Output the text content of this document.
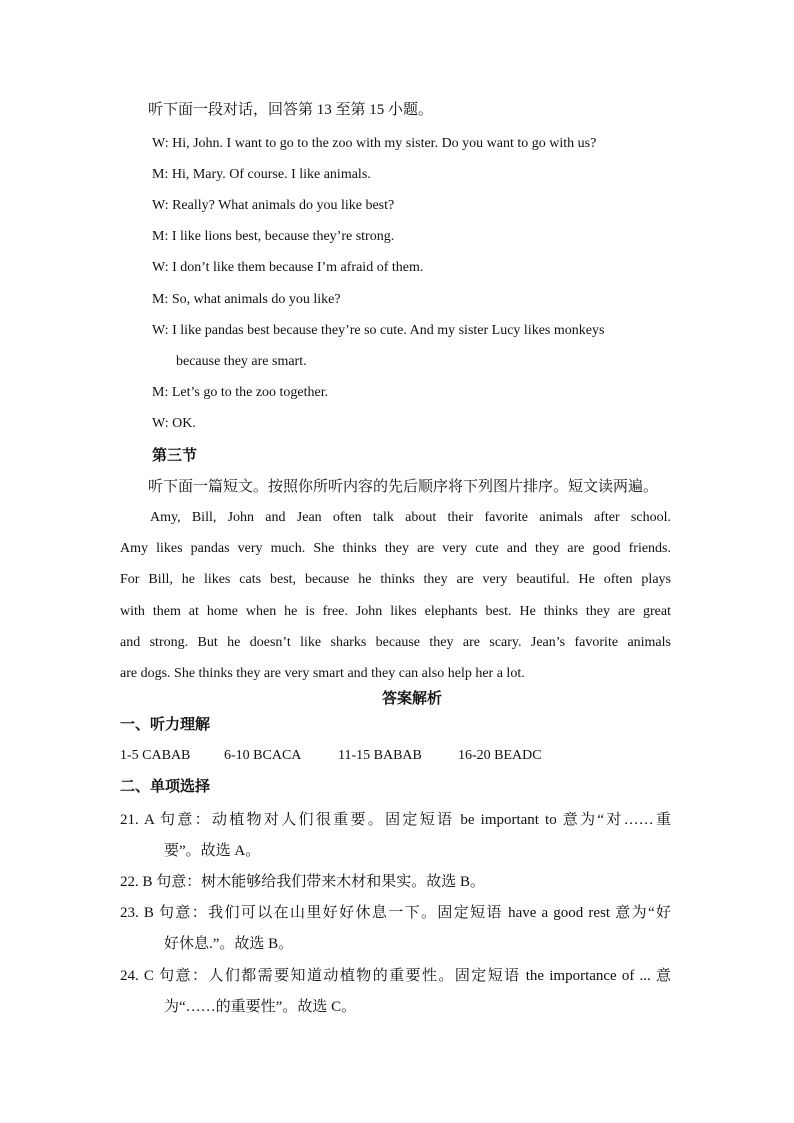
听下面一段对话，回答第 13 至第 15 小题。
W: Hi, John. I want to go to the zoo with my sister. Do you want to go with us?
M: Hi, Mary. Of course. I like animals.
W: Really? What animals do you like best?
M: I like lions best, because they’re strong.
W: I don’t like them because I’m afraid of them.
M: So, what animals do you like?
W: I like pandas best because they’re so cute. And my sister Lucy likes monkeys
because they are smart.
M: Let’s go to the zoo together.
W: OK.
第三节
听下面一篇短文。按照你所听内容的先后顺序将下列图片排序。短文读两遍。
Amy, Bill, John and Jean often talk about their favorite animals after school.
Amy likes pandas very much. She thinks they are very cute and they are good friends.
For Bill, he likes cats best, because he thinks they are very beautiful. He often plays
with them at home when he is free. John likes elephants best. He thinks they are great
and strong. But he doesn’t like sharks because they are scary. Jean’s favorite animals
are dogs. She thinks they are very smart and they can also help her a lot.
答案解析
一、听力理解
1-5 CABAB 6-10 BCACA	11-15 BABAB	16-20 BEADC
二、单项选择
21. A 句意：动植物对人们很重要。固定短语 be important to 意为“对……重
要”。故选 A。
22. B 句意：树木能够给我们带来木材和果实。故选 B。
23. B 句意：我们可以在山里好好休息一下。固定短语 have a good rest 意为“好
好休息.”。故选 B。
24. C 句意：人们都需要知道动植物的重要性。固定短语 the importance of ... 意
为“……的重要性”。故选 C。
